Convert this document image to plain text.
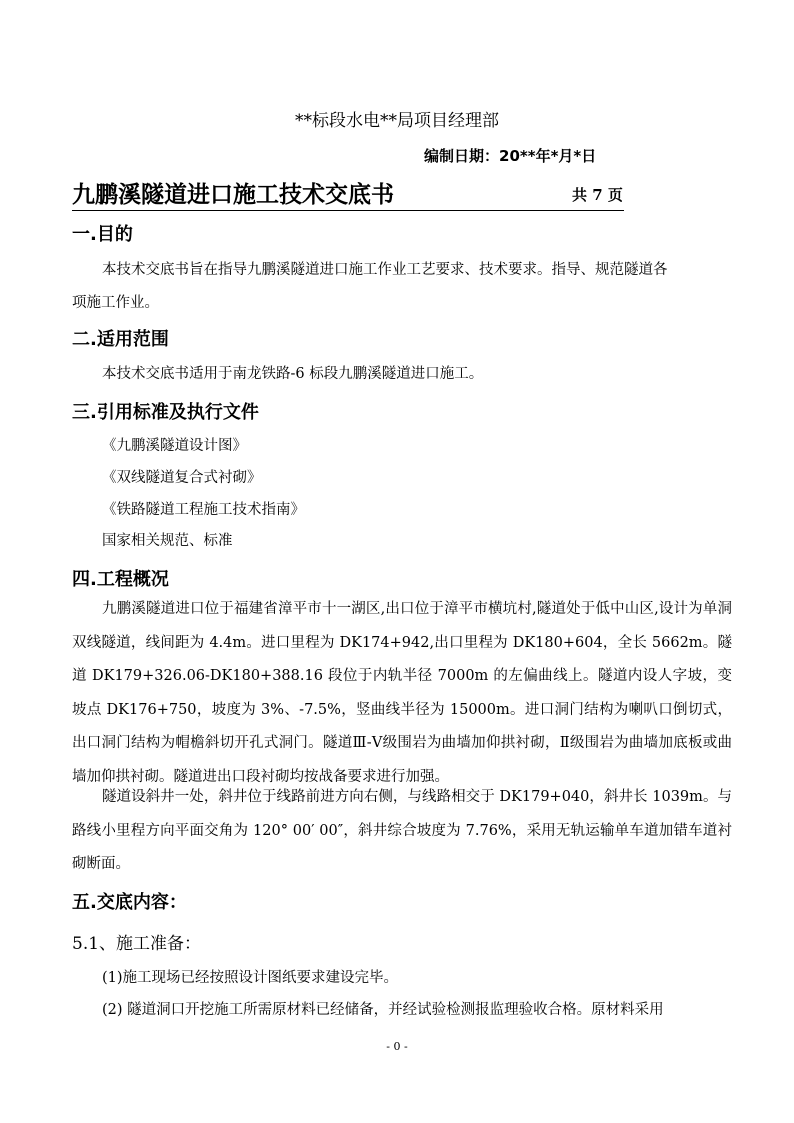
**标段水电**局项目经理部
编制日期：20**年*月*日
九鹏溪隧道进口施工技术交底书	共 7 页
一.目的
本技术交底书旨在指导九鹏溪隧道进口施工作业工艺要求、技术要求。指导、规范隧道各
项施工作业。
二.适用范围
本技术交底书适用于南龙铁路-6 标段九鹏溪隧道进口施工。
三.引用标准及执行文件
《九鹏溪隧道设计图》
《双线隧道复合式衬砌》
《铁路隧道工程施工技术指南》
国家相关规范、标准
四.工程概况
九鹏溪隧道进口位于福建省漳平市十一湖区,出口位于漳平市横坑村,隧道处于低中山区,设计为单洞双线隧道，线间距为 4.4m。进口里程为 DK174+942,出口里程为 DK180+604，全长 5662m。隧道 DK179+326.06-DK180+388.16 段位于内轨半径 7000m 的左偏曲线上。隧道内设人字坡，变坡点 DK176+750，坡度为 3%、-7.5%，竖曲线半径为 15000m。进口洞门结构为喇叭口倒切式，出口洞门结构为帽檐斜切开孔式洞门。隧道Ⅲ-Ⅴ级围岩为曲墙加仰拱衬砌，Ⅱ级围岩为曲墙加底板或曲墙加仰拱衬砌。隧道进出口段衬砌均按战备要求进行加强。
隧道设斜井一处，斜井位于线路前进方向右侧，与线路相交于 DK179+040，斜井长 1039m。与路线小里程方向平面交角为 120° 00′ 00″，斜井综合坡度为 7.76%，采用无轨运输单车道加错车道衬砌断面。
五.交底内容：
5.1、施工准备：
(1)施工现场已经按照设计图纸要求建设完毕。
(2) 隧道洞口开挖施工所需原材料已经储备，并经试验检测报监理验收合格。原材料采用
- 0 -
